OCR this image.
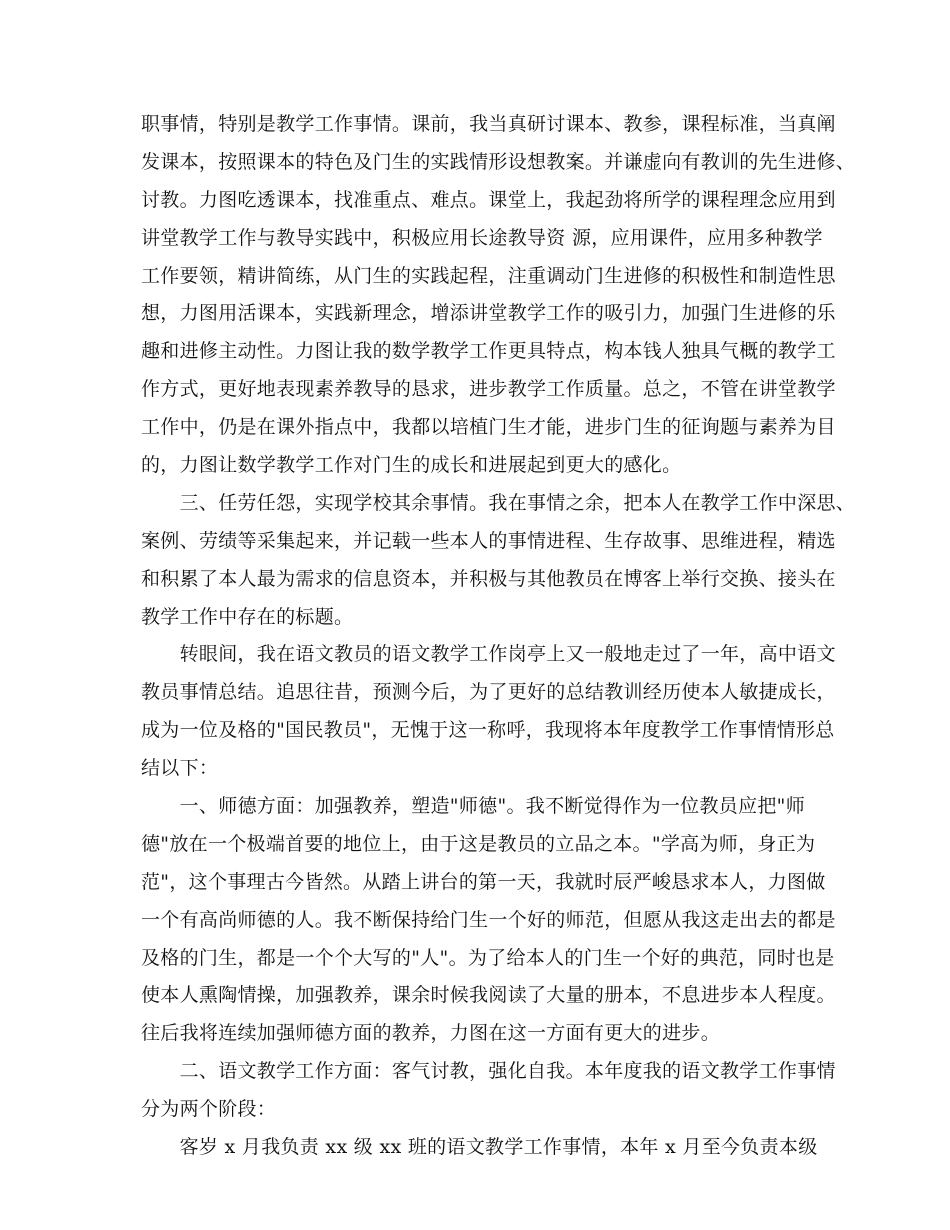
职事情，特别是教学工作事情。课前，我当真研讨课本、教参，课程标准，当真阐
发课本，按照课本的特色及门生的实践情形设想教案。并谦虚向有教训的先生进修、
讨教。力图吃透课本，找准重点、难点。课堂上，我起劲将所学的课程理念应用到
讲堂教学工作与教导实践中，积极应用长途教导资 源，应用课件，应用多种教学
工作要领，精讲简练，从门生的实践起程，注重调动门生进修的积极性和制造性思
想，力图用活课本，实践新理念，增添讲堂教学工作的吸引力，加强门生进修的乐
趣和进修主动性。力图让我的数学教学工作更具特点，构本钱人独具气概的教学工
作方式，更好地表现素养教导的恳求，进步教学工作质量。总之，不管在讲堂教学
工作中，仍是在课外指点中，我都以培植门生才能，进步门生的征询题与素养为目
的，力图让数学教学工作对门生的成长和进展起到更大的感化。
　　三、任劳任怨，实现学校其余事情。我在事情之余，把本人在教学工作中深思、
案例、劳绩等采集起来，并记载一些本人的事情进程、生存故事、思维进程，精选
和积累了本人最为需求的信息资本，并积极与其他教员在博客上举行交换、接头在
教学工作中存在的标题。
　　转眼间，我在语文教员的语文教学工作岗亭上又一般地走过了一年，高中语文
教员事情总结。追思往昔，预测今后，为了更好的总结教训经历使本人敏捷成长，
成为一位及格的"国民教员"，无愧于这一称呼，我现将本年度教学工作事情情形总
结以下：
　　一、师德方面：加强教养，塑造"师德"。我不断觉得作为一位教员应把"师
德"放在一个极端首要的地位上，由于这是教员的立品之本。"学高为师，身正为
范"，这个事理古今皆然。从踏上讲台的第一天，我就时辰严峻恳求本人，力图做
一个有高尚师德的人。我不断保持给门生一个好的师范，但愿从我这走出去的都是
及格的门生，都是一个个大写的"人"。为了给本人的门生一个好的典范，同时也是
使本人熏陶情操，加强教养，课余时候我阅读了大量的册本，不息进步本人程度。
往后我将连续加强师德方面的教养，力图在这一方面有更大的进步。
　　二、语文教学工作方面：客气讨教，强化自我。本年度我的语文教学工作事情
分为两个阶段：
　　客岁 x 月我负责 xx 级 xx 班的语文教学工作事情，本年 x 月至今负责本级
